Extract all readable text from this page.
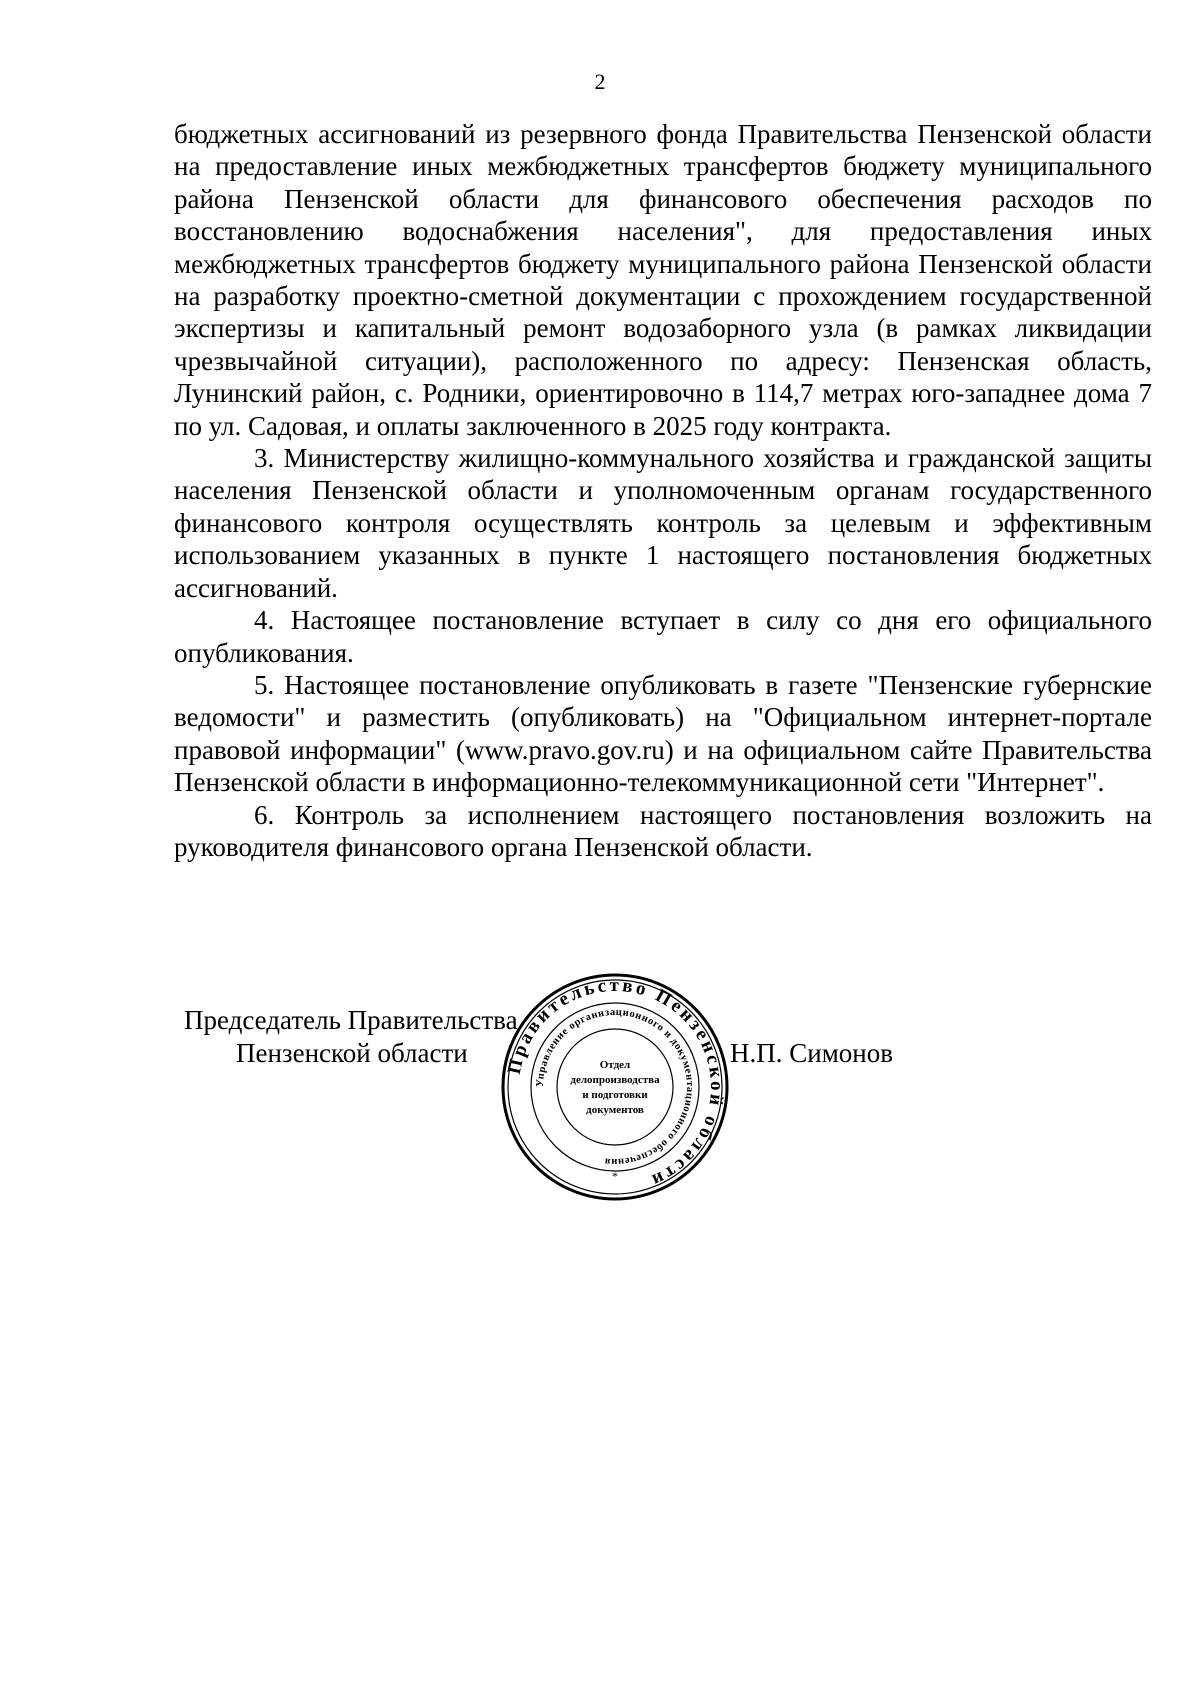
2

бюджетных ассигнований из резервного фонда Правительства Пензенской области на предоставление иных межбюджетных трансфертов бюджету муниципального района Пензенской области для финансового обеспечения расходов по восстановлению водоснабжения населения", для предоставления иных межбюджетных трансфертов бюджету муниципального района Пензенской области на разработку проектно-сметной документации с прохождением государственной экспертизы и капитальный ремонт водозаборного узла (в рамках ликвидации чрезвычайной ситуации), расположенного по адресу: Пензенская область, Лунинский район, с. Родники, ориентировочно в 114,7 метрах юго-западнее дома 7 по ул. Садовая, и оплаты заключенного в 2025 году контракта.

3. Министерству жилищно-коммунального хозяйства и гражданской защиты населения Пензенской области и уполномоченным органам государственного финансового контроля осуществлять контроль за целевым и эффективным использованием указанных в пункте 1 настоящего постановления бюджетных ассигнований.

4. Настоящее постановление вступает в силу со дня его официального опубликования.

5. Настоящее постановление опубликовать в газете "Пензенские губернские ведомости" и разместить (опубликовать) на "Официальном интернет-портале правовой информации" (www.pravo.gov.ru) и на официальном сайте Правительства Пензенской области в информационно-телекоммуникационной сети "Интернет".

6. Контроль за исполнением настоящего постановления возложить на руководителя финансового органа Пензенской области.

Правительство Пензенской области
Управление организационного и документационного обеспечения
Отдел
делопроизводства
и подготовки
документов
*
Председатель Правительства
Пензенской области	Н.П. Симонов
